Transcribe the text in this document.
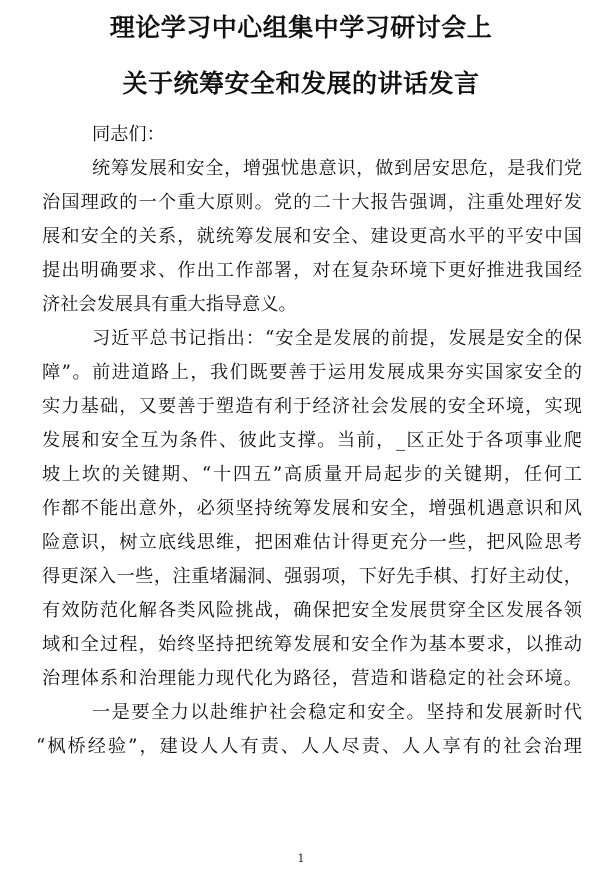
理论学习中心组集中学习研讨会上
关于统筹安全和发展的讲话发言
同志们：
统筹发展和安全，增强忧患意识，做到居安思危，是我们党
治国理政的一个重大原则。党的二十大报告强调，注重处理好发
展和安全的关系，就统筹发展和安全、建设更高水平的平安中国
提出明确要求、作出工作部署，对在复杂环境下更好推进我国经
济社会发展具有重大指导意义。
习近平总书记指出：“安全是发展的前提，发展是安全的保
障”。前进道路上，我们既要善于运用发展成果夯实国家安全的
实力基础，又要善于塑造有利于经济社会发展的安全环境，实现
发展和安全互为条件、彼此支撑。当前，_区正处于各项事业爬
坡上坎的关键期、“十四五”高质量开局起步的关键期，任何工
作都不能出意外，必须坚持统筹发展和安全，增强机遇意识和风
险意识，树立底线思维，把困难估计得更充分一些，把风险思考
得更深入一些，注重堵漏洞、强弱项，下好先手棋、打好主动仗，
有效防范化解各类风险挑战，确保把安全发展贯穿全区发展各领
域和全过程，始终坚持把统筹发展和安全作为基本要求，以推动
治理体系和治理能力现代化为路径，营造和谐稳定的社会环境。
一是要全力以赴维护社会稳定和安全。坚持和发展新时代
“枫桥经验”，建设人人有责、人人尽责、人人享有的社会治理
1
